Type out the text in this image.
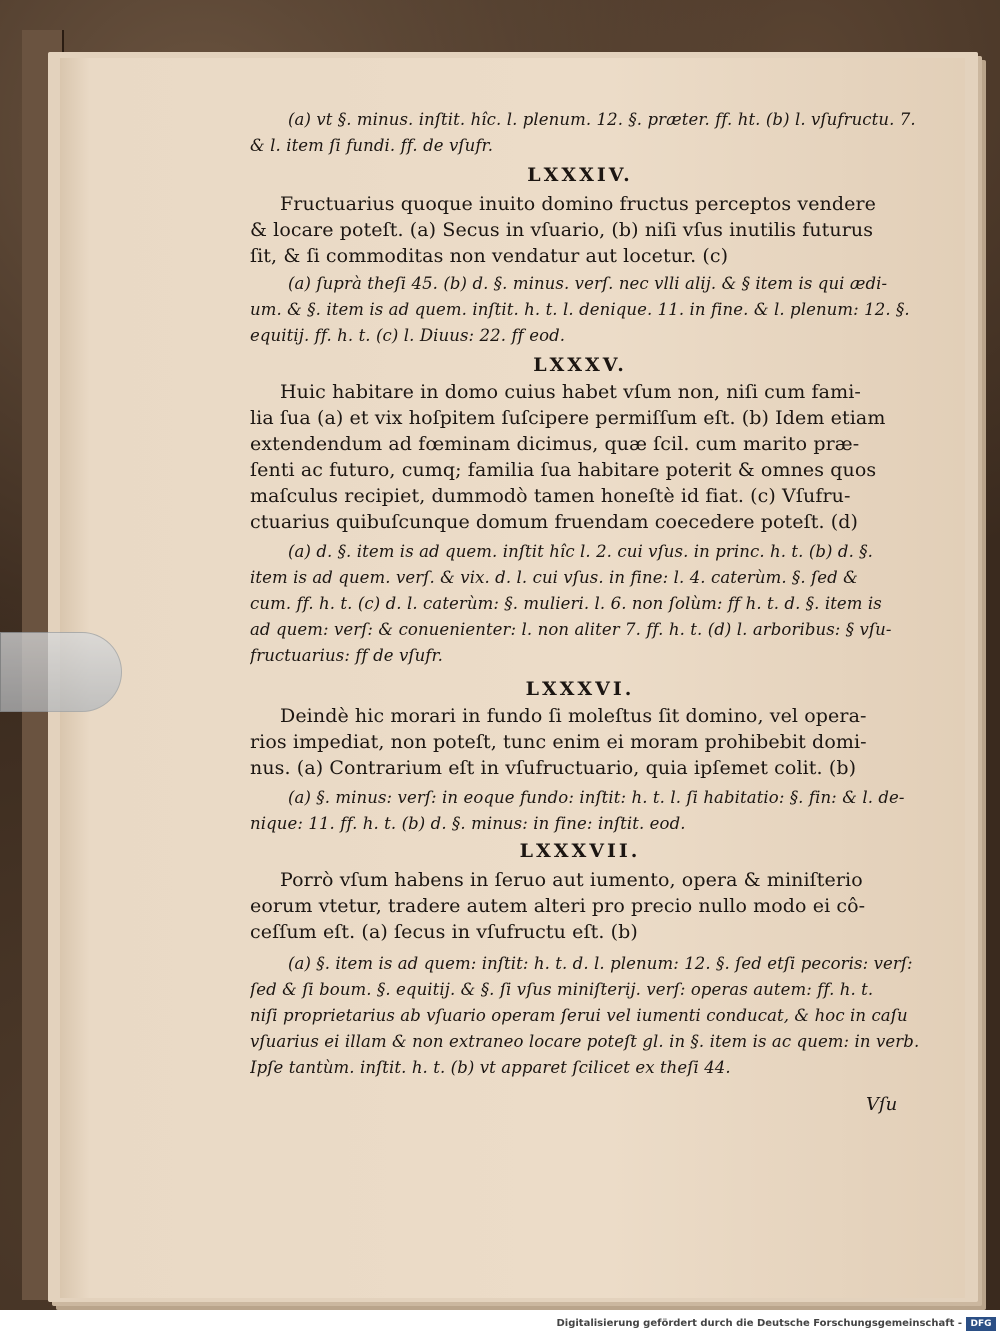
(a) vt §. minus. inſtit. hîc. l. plenum. 12. §. præter. ff. ht. (b) l. vſufructu. 7.
& l. item ſi fundi. ff. de vſufr.
LXXXIV.
Fructuarius quoque inuito domino fructus perceptos vendere
& locare poteſt. (a) Secus in vſuario, (b) niſi vſus inutilis futurus
ſit, & ſi commoditas non vendatur aut locetur. (c)
(a) ſuprà theſi 45. (b) d. §. minus. verſ. nec vlli alij. & § item is qui ædi-
um. & §. item is ad quem. inſtit. h. t. l. denique. 11. in fine. & l. plenum: 12. §.
equitij. ff. h. t. (c) l. Diuus: 22. ff eod.
LXXXV.
Huic habitare in domo cuius habet vſum non, niſi cum fami-
lia ſua (a) et vix hoſpitem ſuſcipere permiſſum eſt. (b) Idem etiam
extendendum ad fœminam dicimus, quæ ſcil. cum marito præ-
ſenti ac futuro, cumq; familia ſua habitare poterit & omnes quos
maſculus recipiet, dummodò tamen honeſtè id fiat. (c) Vſufru-
ctuarius quibuſcunque domum fruendam coecedere poteſt. (d)
(a) d. §. item is ad quem. inſtit hîc l. 2. cui vſus. in princ. h. t. (b) d. §.
item is ad quem. verſ. & vix. d. l. cui vſus. in fine: l. 4. caterùm. §. ſed &
cum. ff. h. t. (c) d. l. caterùm: §. mulieri. l. 6. non ſolùm: ff h. t. d. §. item is
ad quem: verſ: & conuenienter: l. non aliter 7. ff. h. t. (d) l. arboribus: § vſu-
fructuarius: ff de vſufr.
LXXXVI.
Deindè hic morari in fundo ſi moleſtus ſit domino, vel opera-
rios impediat, non poteſt, tunc enim ei moram prohibebit domi-
nus. (a) Contrarium eſt in vſufructuario, quia ipſemet colit. (b)
(a) §. minus: verſ: in eoque fundo: inſtit: h. t. l. ſi habitatio: §. fin: & l. de-
nique: 11. ff. h. t. (b) d. §. minus: in fine: inſtit. eod.
LXXXVII.
Porrò vſum habens in ſeruo aut iumento, opera & miniſterio
eorum vtetur, tradere autem alteri pro precio nullo modo ei cô-
ceſſum eſt. (a) ſecus in vſufructu eſt. (b)
(a) §. item is ad quem: inſtit: h. t. d. l. plenum: 12. §. ſed etſi pecoris: verſ:
ſed & ſi boum. §. equitij. & §. ſi vſus miniſterij. verſ: operas autem: ff. h. t.
niſi proprietarius ab vſuario operam ſerui vel iumenti conducat, & hoc in caſu
vſuarius ei illam & non extraneo locare poteſt gl. in §. item is ac quem: in verb.
Ipſe tantùm. inſtit. h. t. (b) vt apparet ſcilicet ex theſi 44.
Vſu
Digitalisierung gefördert durch die Deutsche Forschungsgemeinschaft - DFG
